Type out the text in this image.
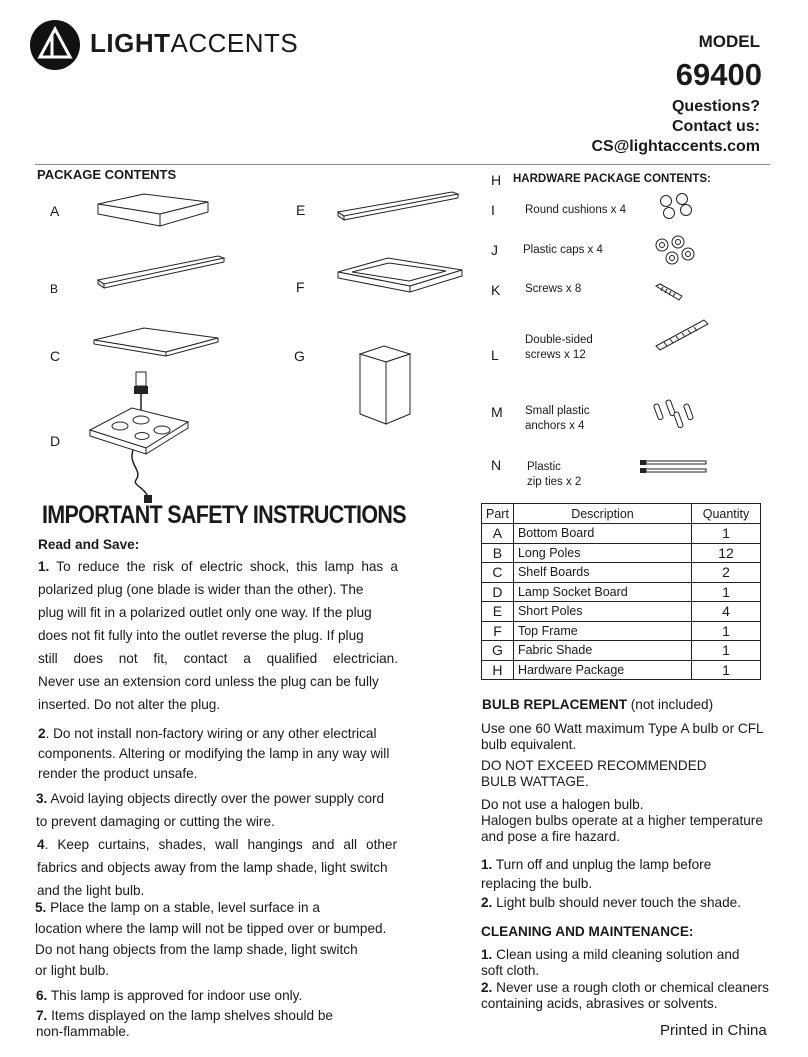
LIGHTACCENTS	MODEL
69400
Questions?
Contact us:
CS@lightaccents.com
PACKAGE CONTENTS
A
B
C
D
E
F
G
H HARDWARE PACKAGE CONTENTS:
I	Round cushions x 4
J Plastic caps x 4
K Screws x 8
L
Double-sided
screws x 12
M Small plastic
anchors x 4
N Plastic
zip ties x 2
Part	Description	Quantity
A	Bottom Board	1
B	Long Poles	12
C	Shelf Boards	2
D	Lamp Socket Board	1
E	Short Poles	4
F	Top Frame	1
G	Fabric Shade	1
H	Hardware Package	1
IMPORTANT SAFETY INSTRUCTIONS
Read and Save:
1. To reduce the risk of electric shock, this lamp has a
polarized plug (one blade is wider than the other). The
plug will fit in a polarized outlet only one way. If the plug
does not fit fully into the outlet reverse the plug. If plug
still does not fit, contact a qualified electrician.
Never use an extension cord unless the plug can be fully
inserted. Do not alter the plug.
2. Do not install non-factory wiring or any other electrical
components. Altering or modifying the lamp in any way will
render the product unsafe.
3. Avoid laying objects directly over the power supply cord
to prevent damaging or cutting the wire.
4. Keep curtains, shades, wall hangings and all other
fabrics and objects away from the lamp shade, light switch
and the light bulb.
5. Place the lamp on a stable, level surface in a
location where the lamp will not be tipped over or bumped.
Do not hang objects from the lamp shade, light switch
or light bulb.
6. This lamp is approved for indoor use only.
7. Items displayed on the lamp shelves should be
non-flammable.
BULB REPLACEMENT (not included)
Use one 60 Watt maximum Type A bulb or CFL
bulb equivalent.
DO NOT EXCEED RECOMMENDED
BULB WATTAGE.
Do not use a halogen bulb.
Halogen bulbs operate at a higher temperature
and pose a fire hazard.
1. Turn off and unplug the lamp before
replacing the bulb.
2. Light bulb should never touch the shade.
CLEANING AND MAINTENANCE:
1. Clean using a mild cleaning solution and
soft cloth.
2. Never use a rough cloth or chemical cleaners
containing acids, abrasives or solvents.
Printed in China
